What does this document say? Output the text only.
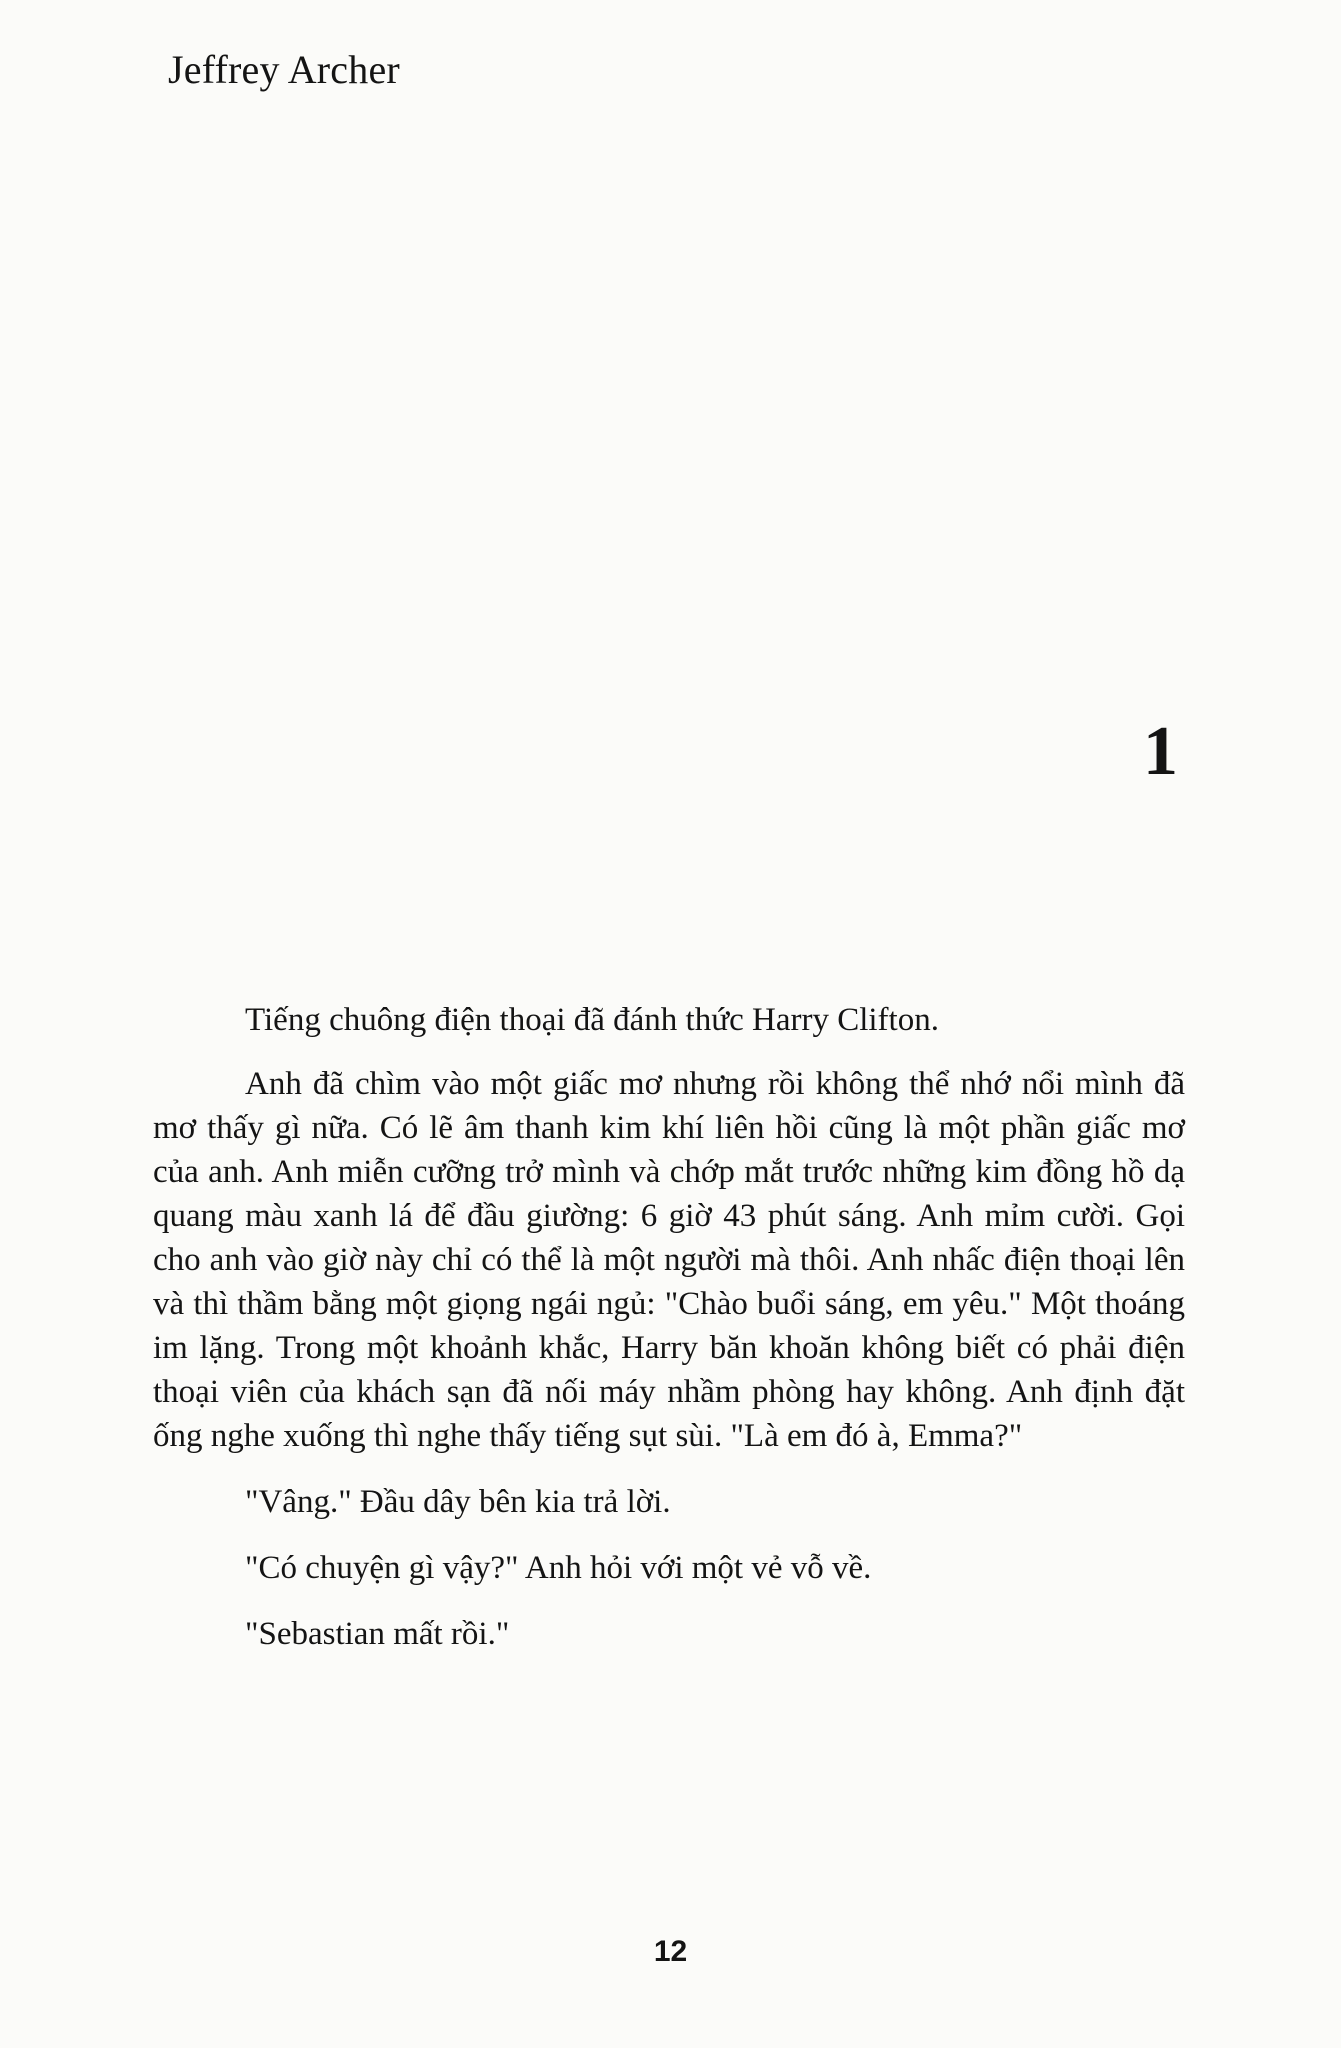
Jeffrey Archer
1

Tiếng chuông điện thoại đã đánh thức Harry Clifton.

Anh đã chìm vào một giấc mơ nhưng rồi không thể nhớ nổi mình đã mơ thấy gì nữa. Có lẽ âm thanh kim khí liên hồi cũng là một phần giấc mơ của anh. Anh miễn cưỡng trở mình và chớp mắt trước những kim đồng hồ dạ quang màu xanh lá để đầu giường: 6 giờ 43 phút sáng. Anh mỉm cười. Gọi cho anh vào giờ này chỉ có thể là một người mà thôi. Anh nhấc điện thoại lên và thì thầm bằng một giọng ngái ngủ: "Chào buổi sáng, em yêu." Một thoáng im lặng. Trong một khoảnh khắc, Harry băn khoăn không biết có phải điện thoại viên của khách sạn đã nối máy nhầm phòng hay không. Anh định đặt ống nghe xuống thì nghe thấy tiếng sụt sùi. "Là em đó à, Emma?"

"Vâng." Đầu dây bên kia trả lời.

"Có chuyện gì vậy?" Anh hỏi với một vẻ vỗ về.

"Sebastian mất rồi."

12
